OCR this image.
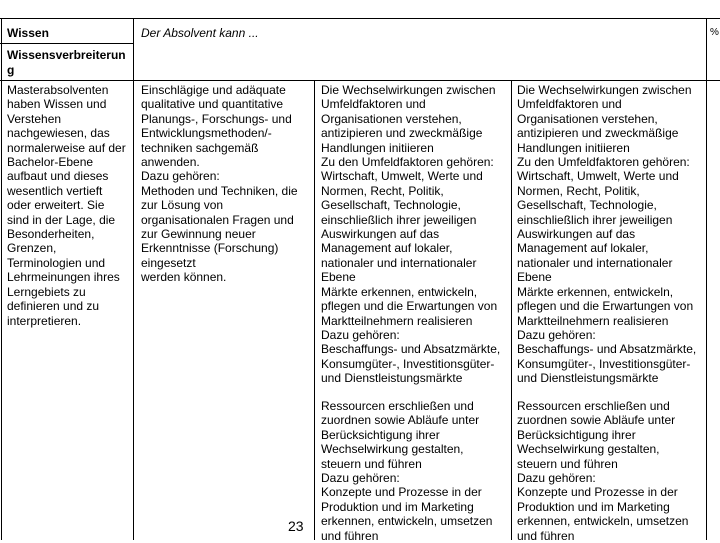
Wissen	Der Absolvent kann ...	%
Wissensverbreiterun
g
Masterabsolventen
haben Wissen und
Verstehen
nachgewiesen, das
normalerweise auf der
Bachelor-Ebene
aufbaut und dieses
wesentlich vertieft
oder erweitert. Sie
sind in der Lage, die
Besonderheiten,
Grenzen,
Terminologien und
Lehrmeinungen ihres
Lerngebiets zu
definieren und zu
interpretieren.
Einschlägige und adäquate
qualitative und quantitative
Planungs-, Forschungs- und
Entwicklungsmethoden/-
techniken sachgemäß
anwenden.
Dazu gehören:
Methoden und Techniken, die
zur Lösung von
organisationalen Fragen und
zur Gewinnung neuer
Erkenntnisse (Forschung)
eingesetzt
werden können.
Die Wechselwirkungen zwischen
Umfeldfaktoren und
Organisationen verstehen,
antizipieren und zweckmäßige
Handlungen initiieren
Zu den Umfeldfaktoren gehören:
Wirtschaft, Umwelt, Werte und
Normen, Recht, Politik,
Gesellschaft, Technologie,
einschließlich ihrer jeweiligen
Auswirkungen auf das
Management auf lokaler,
nationaler und internationaler
Ebene
Märkte erkennen, entwickeln,
pflegen und die Erwartungen von
Marktteilnehmern realisieren
Dazu gehören:
Beschaffungs- und Absatzmärkte,
Konsumgüter-, Investitionsgüter-
und Dienstleistungsmärkte
Ressourcen erschließen und
zuordnen sowie Abläufe unter
Berücksichtigung ihrer
Wechselwirkung gestalten,
steuern und führen
Dazu gehören:
Konzepte und Prozesse in der
Produktion und im Marketing
erkennen, entwickeln, umsetzen
und führen
Die Wechselwirkungen zwischen
Umfeldfaktoren und
Organisationen verstehen,
antizipieren und zweckmäßige
Handlungen initiieren
Zu den Umfeldfaktoren gehören:
Wirtschaft, Umwelt, Werte und
Normen, Recht, Politik,
Gesellschaft, Technologie,
einschließlich ihrer jeweiligen
Auswirkungen auf das
Management auf lokaler,
nationaler und internationaler
Ebene
Märkte erkennen, entwickeln,
pflegen und die Erwartungen von
Marktteilnehmern realisieren
Dazu gehören:
Beschaffungs- und Absatzmärkte,
Konsumgüter-, Investitionsgüter-
und Dienstleistungsmärkte
Ressourcen erschließen und
zuordnen sowie Abläufe unter
Berücksichtigung ihrer
Wechselwirkung gestalten,
steuern und führen
Dazu gehören:
Konzepte und Prozesse in der
Produktion und im Marketing
erkennen, entwickeln, umsetzen
und führen
23
